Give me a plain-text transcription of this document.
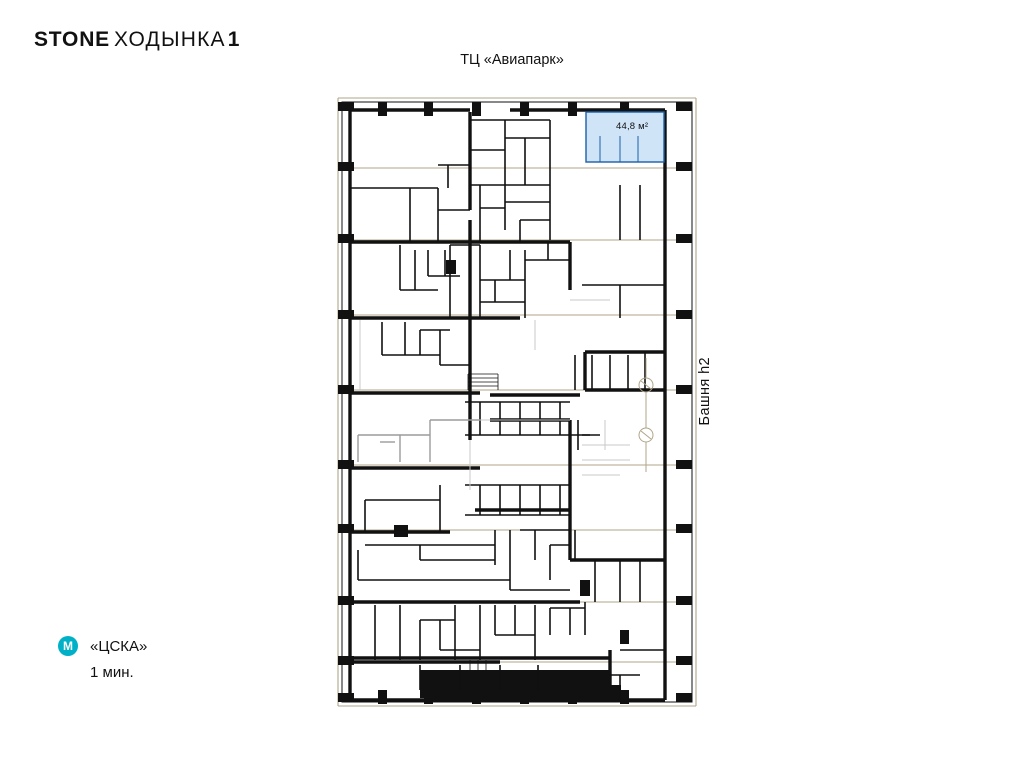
STONE ХОДЫНКА 1
ТЦ «Авиапарк»
Башня h2
44,8 м²
M	«ЦСКА»
1 мин.
